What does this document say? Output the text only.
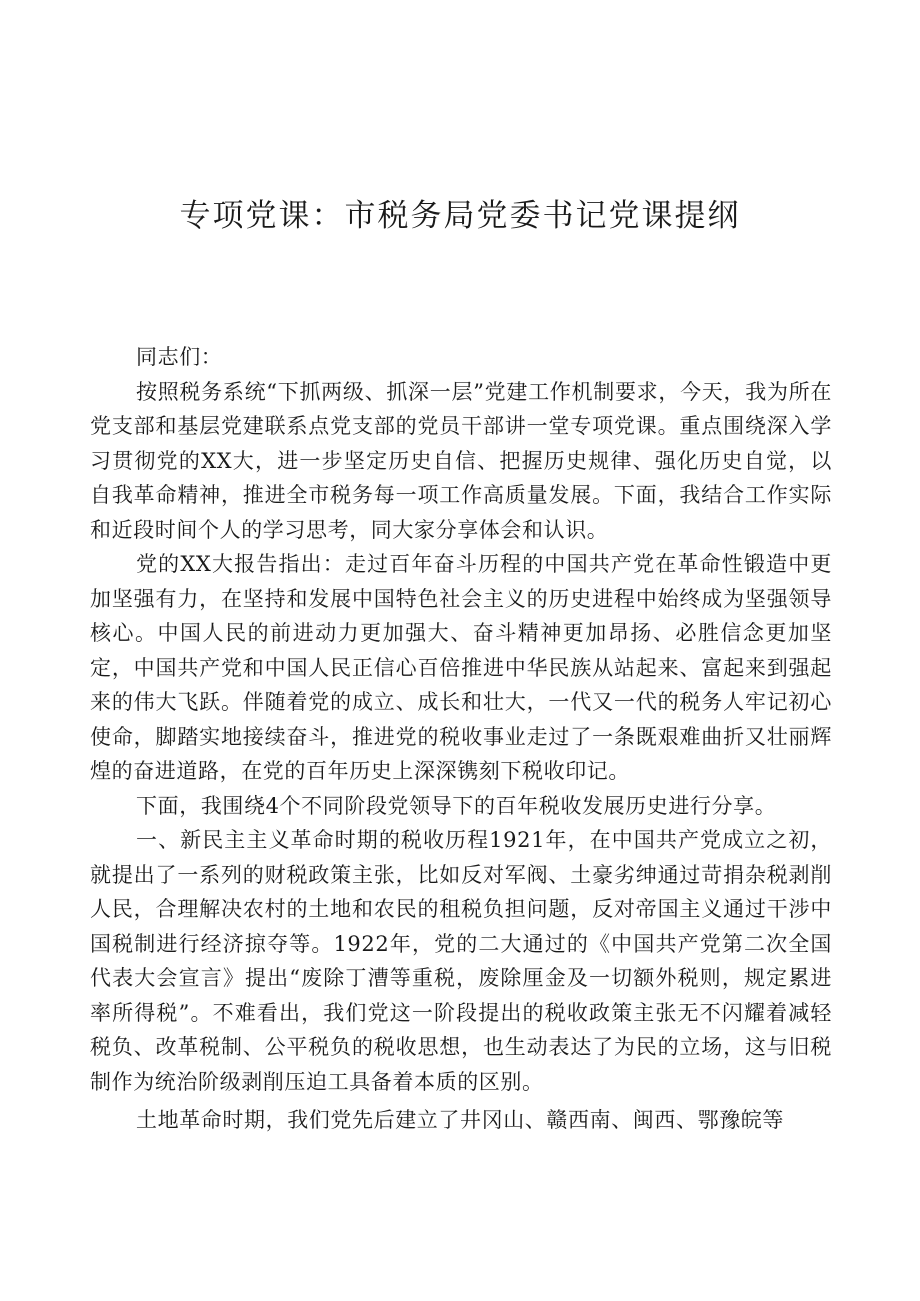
专项党课：市税务局党委书记党课提纲

同志们：

按照税务系统“下抓两级、抓深一层”党建工作机制要求，今天，我为所在党支部和基层党建联系点党支部的党员干部讲一堂专项党课。重点围绕深入学习贯彻党的XX大，进一步坚定历史自信、把握历史规律、强化历史自觉，以自我革命精神，推进全市税务每一项工作高质量发展。下面，我结合工作实际和近段时间个人的学习思考，同大家分享体会和认识。

党的XX大报告指出：走过百年奋斗历程的中国共产党在革命性锻造中更加坚强有力，在坚持和发展中国特色社会主义的历史进程中始终成为坚强领导核心。中国人民的前进动力更加强大、奋斗精神更加昂扬、必胜信念更加坚定，中国共产党和中国人民正信心百倍推进中华民族从站起来、富起来到强起来的伟大飞跃。伴随着党的成立、成长和壮大，一代又一代的税务人牢记初心使命，脚踏实地接续奋斗，推进党的税收事业走过了一条既艰难曲折又壮丽辉煌的奋进道路，在党的百年历史上深深镌刻下税收印记。

下面，我围绕4个不同阶段党领导下的百年税收发展历史进行分享。

一、新民主主义革命时期的税收历程1921年，在中国共产党成立之初，就提出了一系列的财税政策主张，比如反对军阀、土豪劣绅通过苛捐杂税剥削人民，合理解决农村的土地和农民的租税负担问题，反对帝国主义通过干涉中国税制进行经济掠夺等。1922年，党的二大通过的《中国共产党第二次全国代表大会宣言》提出“废除丁漕等重税，废除厘金及一切额外税则，规定累进率所得税”。不难看出，我们党这一阶段提出的税收政策主张无不闪耀着减轻税负、改革税制、公平税负的税收思想，也生动表达了为民的立场，这与旧税制作为统治阶级剥削压迫工具备着本质的区别。

土地革命时期，我们党先后建立了井冈山、赣西南、闽西、鄂豫皖等
